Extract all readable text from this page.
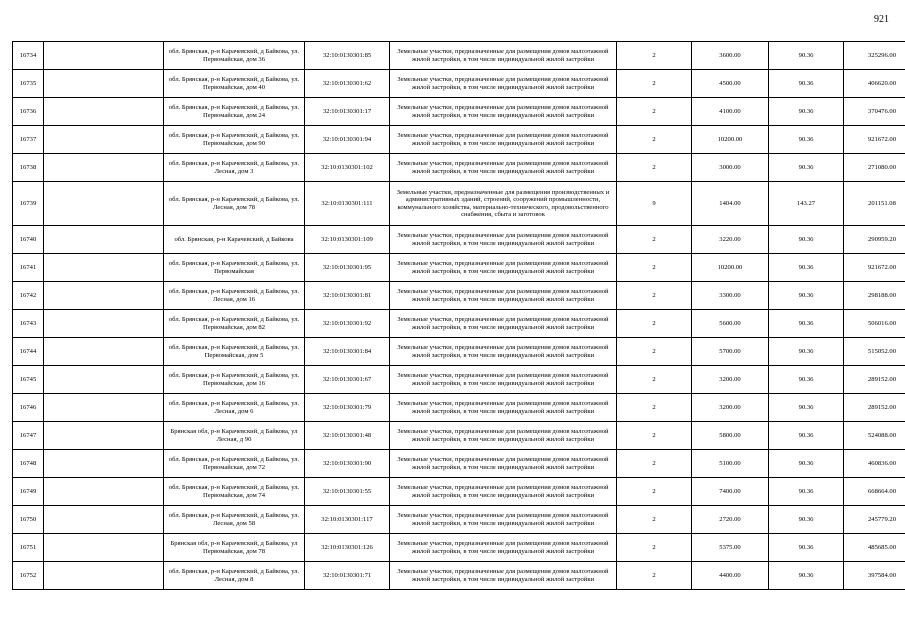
921
16734		обл. Брянская, р-н Карачевский, д Байкова, ул. Первомайская, дом 36	32:10:0130301:85	Земельные участки, предназначенные для размещения домов малоэтажной жилой застройки, в том числе индивидуальной жилой застройки	2	3600.00	90.36	325296.00
16735		обл. Брянская, р-н Карачевский, д Байкова, ул. Первомайская, дом 40	32:10:0130301:62	Земельные участки, предназначенные для размещения домов малоэтажной жилой застройки, в том числе индивидуальной жилой застройки	2	4500.00	90.36	406620.00
16736		обл. Брянская, р-н Карачевский, д Байкова, ул. Первомайская, дом 24	32:10:0130301:17	Земельные участки, предназначенные для размещения домов малоэтажной жилой застройки, в том числе индивидуальной жилой застройки	2	4100.00	90.36	370476.00
16737		обл. Брянская, р-н Карачевский, д Байкова, ул. Первомайская, дом 90	32:10:0130301:94	Земельные участки, предназначенные для размещения домов малоэтажной жилой застройки, в том числе индивидуальной жилой застройки	2	10200.00	90.36	921672.00
16738		обл. Брянская, р-н Карачевский, д Байкова, ул. Лесная, дом 3	32:10:0130301:102	Земельные участки, предназначенные для размещения домов малоэтажной жилой застройки, в том числе индивидуальной жилой застройки	2	3000.00	90.36	271080.00
16739		обл. Брянская, р-н Карачевский, д Байкова, ул. Лесная, дом 78	32:10:0130301:111	Земельные участки, предназначенные для размещения производственных и административных зданий, строений, сооружений промышленности, коммунального хозяйства, материально-технического, продовольственного снабжения, сбыта и заготовок	9	1404.00	143.27	201151.08
16740		обл. Брянская, р-н Карачевский, д Байкова	32:10:0130301:109	Земельные участки, предназначенные для размещения домов малоэтажной жилой застройки, в том числе индивидуальной жилой застройки	2	3220.00	90.36	290959.20
16741		обл. Брянская, р-н Карачевский, д Байкова, ул. Первомайская	32:10:0130301:95	Земельные участки, предназначенные для размещения домов малоэтажной жилой застройки, в том числе индивидуальной жилой застройки	2	10200.00	90.36	921672.00
16742		обл. Брянская, р-н Карачевский, д Байкова, ул. Лесная, дом 16	32:10:0130301:81	Земельные участки, предназначенные для размещения домов малоэтажной жилой застройки, в том числе индивидуальной жилой застройки	2	3300.00	90.36	298188.00
16743		обл. Брянская, р-н Карачевский, д Байкова, ул. Первомайская, дом 82	32:10:0130301:92	Земельные участки, предназначенные для размещения домов малоэтажной жилой застройки, в том числе индивидуальной жилой застройки	2	5600.00	90.36	506016.00
16744		обл. Брянская, р-н Карачевский, д Байкова, ул. Первомайская, дом 5	32:10:0130301:84	Земельные участки, предназначенные для размещения домов малоэтажной жилой застройки, в том числе индивидуальной жилой застройки	2	5700.00	90.36	515052.00
16745		обл. Брянская, р-н Карачевский, д Байкова, ул. Первомайская, дом 16	32:10:0130301:67	Земельные участки, предназначенные для размещения домов малоэтажной жилой застройки, в том числе индивидуальной жилой застройки	2	3200.00	90.36	289152.00
16746		обл. Брянская, р-н Карачевский, д Байкова, ул. Лесная, дом 6	32:10:0130301:79	Земельные участки, предназначенные для размещения домов малоэтажной жилой застройки, в том числе индивидуальной жилой застройки	2	3200.00	90.36	289152.00
16747		Брянская обл, р-н Карачевский, д Байкова, ул Лесная, д 90	32:10:0130301:48	Земельные участки, предназначенные для размещения домов малоэтажной жилой застройки, в том числе индивидуальной жилой застройки	2	5800.00	90.36	524088.00
16748		обл. Брянская, р-н Карачевский, д Байкова, ул. Первомайская, дом 72	32:10:0130301:90	Земельные участки, предназначенные для размещения домов малоэтажной жилой застройки, в том числе индивидуальной жилой застройки	2	5100.00	90.36	460836.00
16749		обл. Брянская, р-н Карачевский, д Байкова, ул. Первомайская, дом 74	32:10:0130301:55	Земельные участки, предназначенные для размещения домов малоэтажной жилой застройки, в том числе индивидуальной жилой застройки	2	7400.00	90.36	668664.00
16750		обл. Брянская, р-н Карачевский, д Байкова, ул. Лесная, дом 58	32:10:0130301:117	Земельные участки, предназначенные для размещения домов малоэтажной жилой застройки, в том числе индивидуальной жилой застройки	2	2720.00	90.36	245779.20
16751		Брянская обл, р-н Карачевский, д Байкова, ул Первомайская, дом 78	32:10:0130301:126	Земельные участки, предназначенные для размещения домов малоэтажной жилой застройки, в том числе индивидуальной жилой застройки	2	5375.00	90.36	485685.00
16752		обл. Брянская, р-н Карачевский, д Байкова, ул. Лесная, дом 8	32:10:0130301:71	Земельные участки, предназначенные для размещения домов малоэтажной жилой застройки, в том числе индивидуальной жилой застройки	2	4400.00	90.36	397584.00
